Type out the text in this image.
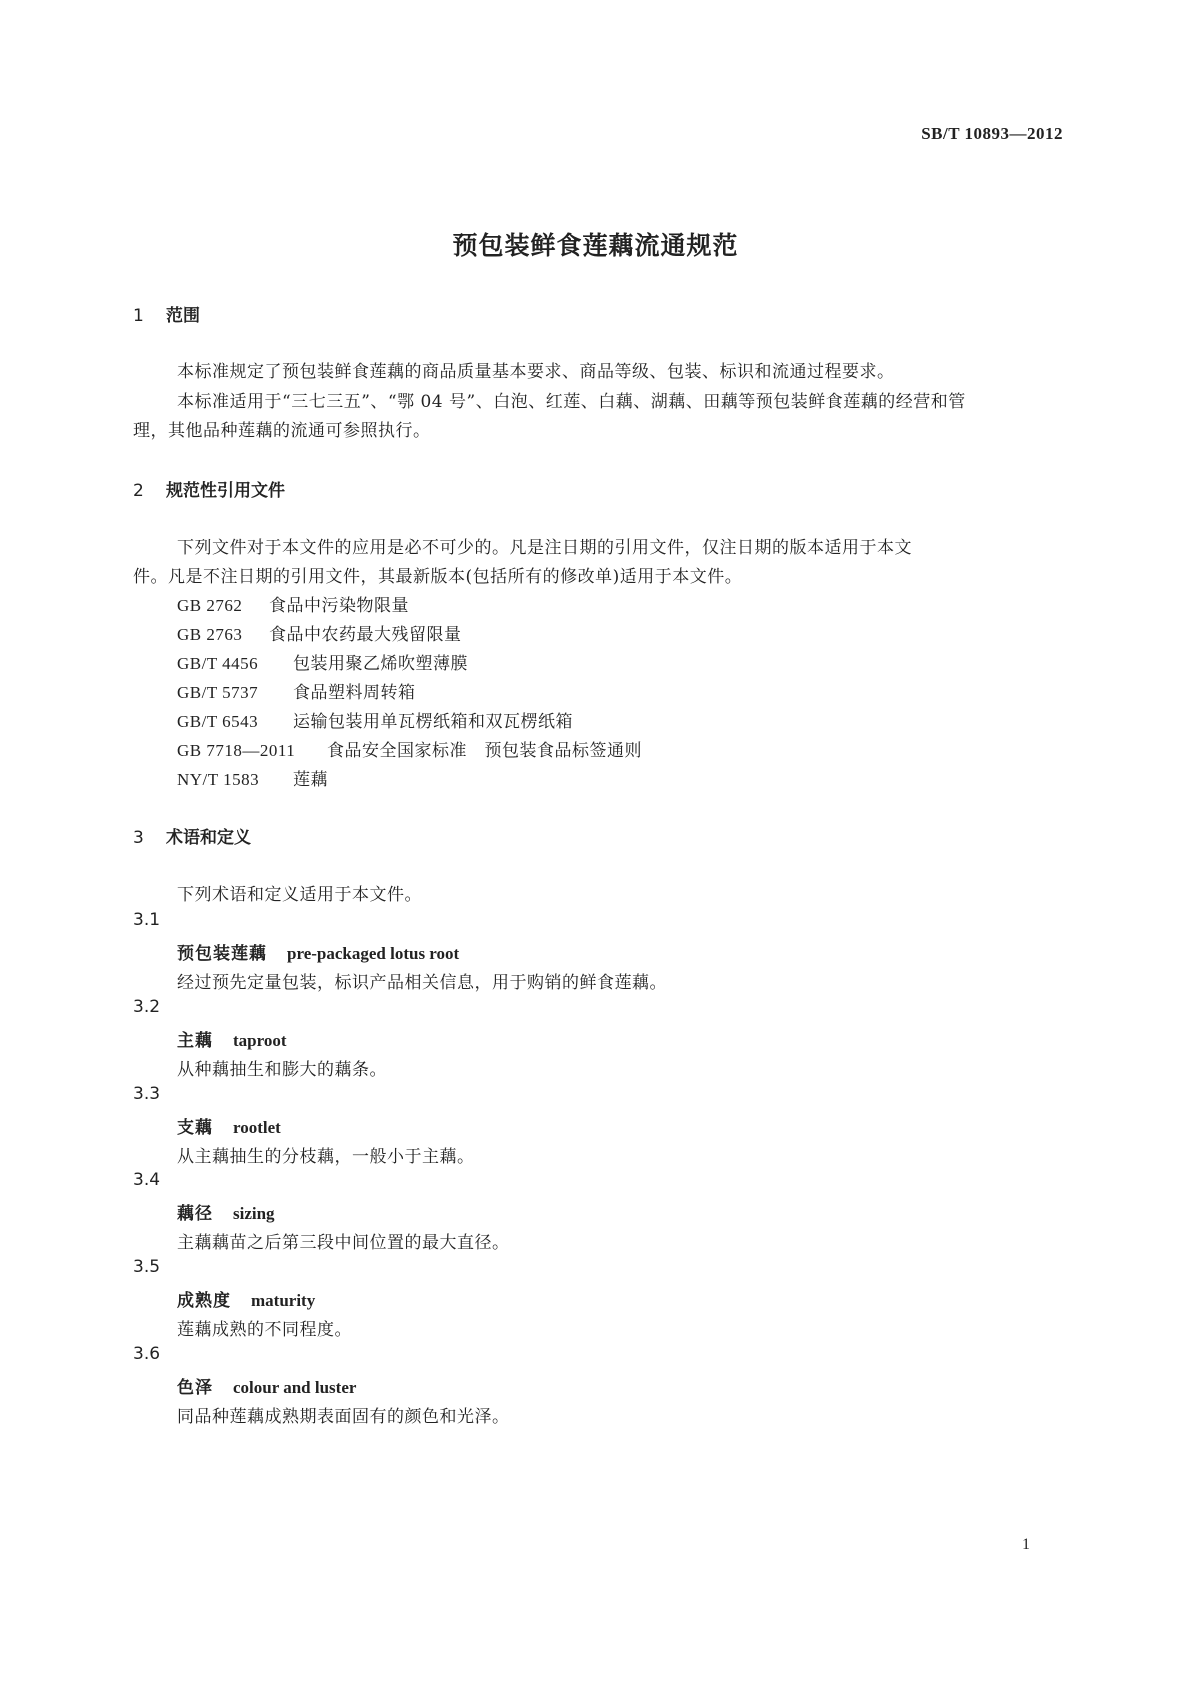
SB/T 10893—2012
预包装鲜食莲藕流通规范
1 范围
本标准规定了预包装鲜食莲藕的商品质量基本要求、商品等级、包装、标识和流通过程要求。
本标准适用于“三七三五”、“鄂 04 号”、白泡、红莲、白藕、湖藕、田藕等预包装鲜食莲藕的经营和管
理，其他品种莲藕的流通可参照执行。
2 规范性引用文件
下列文件对于本文件的应用是必不可少的。凡是注日期的引用文件，仅注日期的版本适用于本文
件。凡是不注日期的引用文件，其最新版本(包括所有的修改单)适用于本文件。
GB 2762 食品中污染物限量
GB 2763 食品中农药最大残留限量
GB/T 4456 包装用聚乙烯吹塑薄膜
GB/T 5737 食品塑料周转箱
GB/T 6543 运输包装用单瓦楞纸箱和双瓦楞纸箱
GB 7718—2011 食品安全国家标准　预包装食品标签通则
NY/T 1583 莲藕
3 术语和定义
下列术语和定义适用于本文件。
3.1
预包装莲藕 pre-packaged lotus root
经过预先定量包装，标识产品相关信息，用于购销的鲜食莲藕。
3.2
主藕 taproot
从种藕抽生和膨大的藕条。
3.3
支藕 rootlet
从主藕抽生的分枝藕，一般小于主藕。
3.4
藕径 sizing
主藕藕苗之后第三段中间位置的最大直径。
3.5
成熟度 maturity
莲藕成熟的不同程度。
3.6
色泽 colour and luster
同品种莲藕成熟期表面固有的颜色和光泽。
1
